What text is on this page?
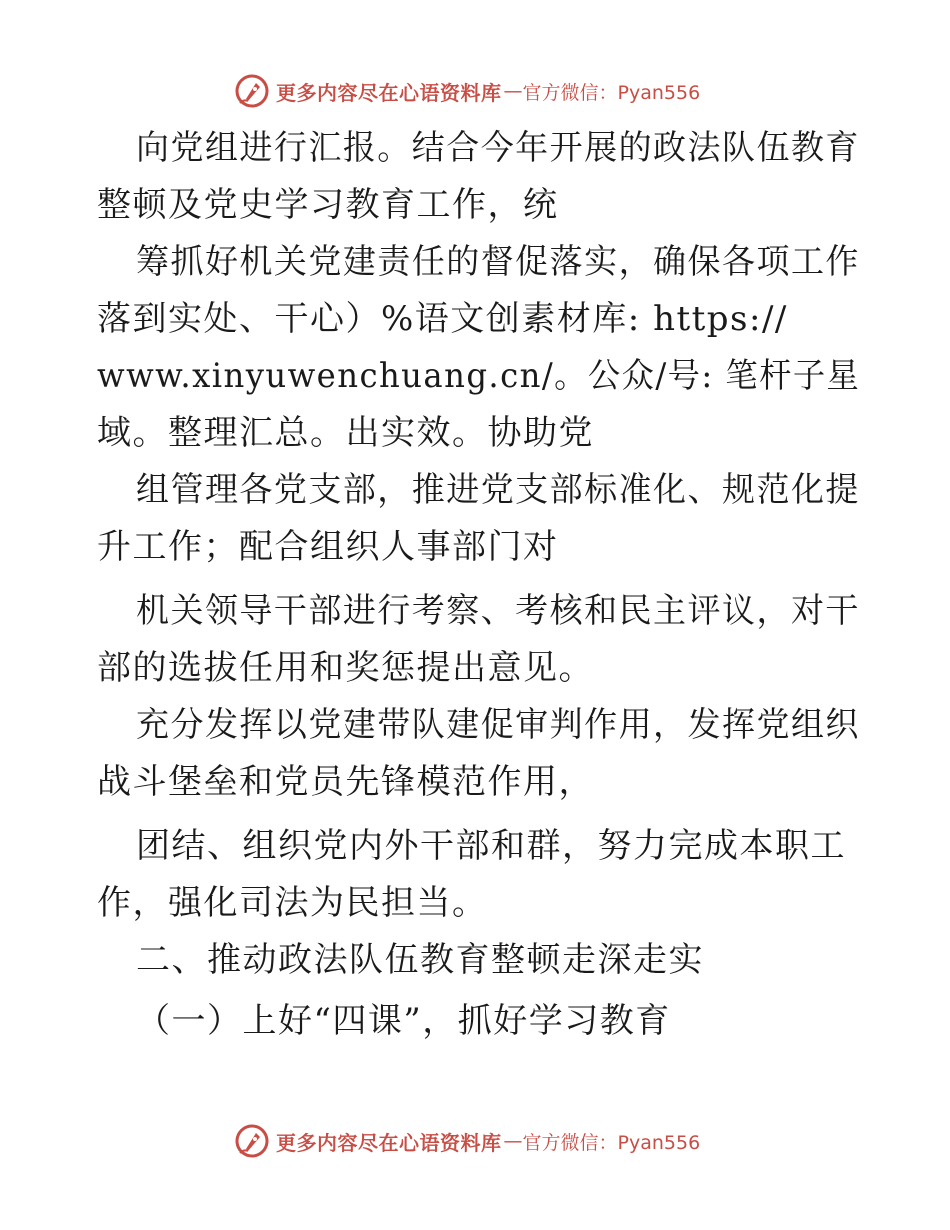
更多内容尽在心语资料库 — 官方微信：Pyan556
向党组进行汇报。结合今年开展的政法队伍教育
整顿及党史学习教育工作，统
筹抓好机关党建责任的督促落实，确保各项工作
落到实处、干心）%语文创素材库: https://
www.xinyuwenchuang.cn/。公众/号: 笔杆子星
域。整理汇总。出实效。协助党
组管理各党支部，推进党支部标准化、规范化提
升工作；配合组织人事部门对
机关领导干部进行考察、考核和民主评议，对干
部的选拔任用和奖惩提出意见。
充分发挥以党建带队建促审判作用，发挥党组织
战斗堡垒和党员先锋模范作用，
团结、组织党内外干部和群，努力完成本职工
作，强化司法为民担当。
二、推动政法队伍教育整顿走深走实
（一）上好“四课”，抓好学习教育
更多内容尽在心语资料库 — 官方微信：Pyan556
